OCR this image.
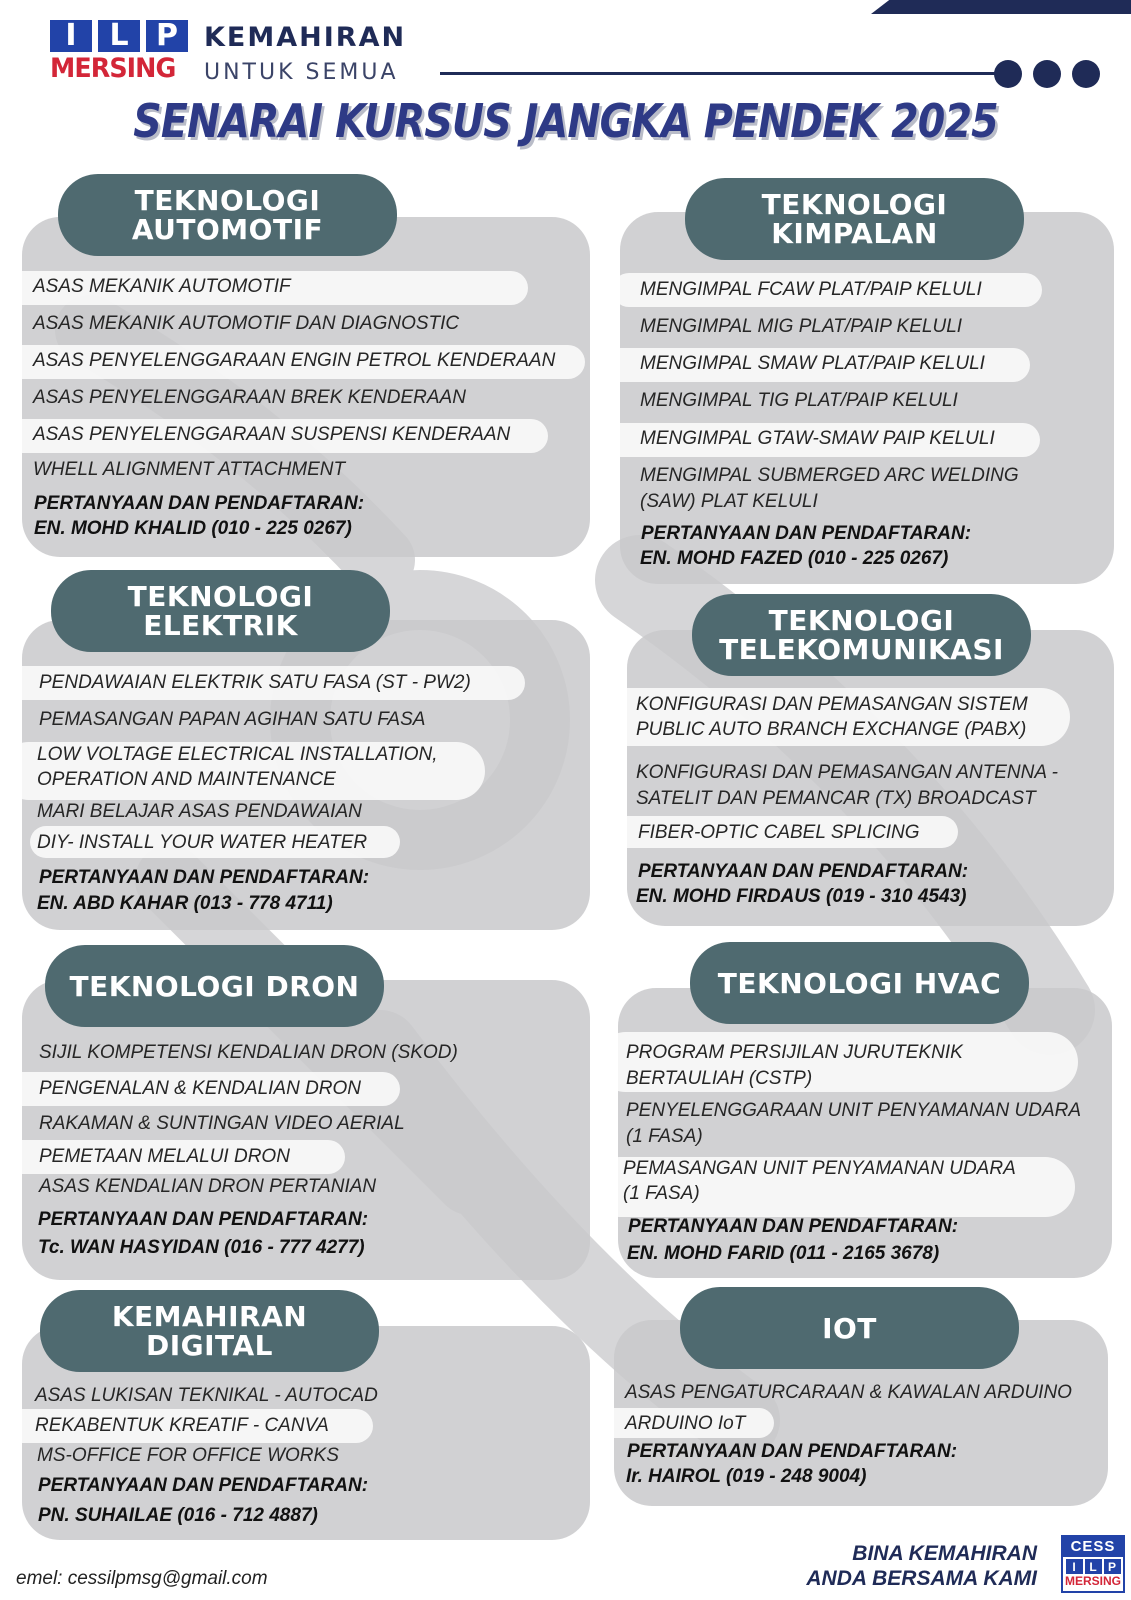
I	L P
MERSING
KEMAHIRAN
UNTUK SEMUA
SENARAI KURSUS JANGKA PENDEK 2025
TEKNOLOGI
AUTOMOTIF
ASAS MEKANIK AUTOMOTIF
ASAS MEKANIK AUTOMOTIF DAN DIAGNOSTIC
ASAS PENYELENGGARAAN ENGIN PETROL KENDERAAN
ASAS PENYELENGGARAAN BREK KENDERAAN
ASAS PENYELENGGARAAN SUSPENSI KENDERAAN
WHELL ALIGNMENT ATTACHMENT
PERTANYAAN DAN PENDAFTARAN:
EN. MOHD KHALID (010 - 225 0267)
TEKNOLOGI
KIMPALAN
MENGIMPAL FCAW PLAT/PAIP KELULI
MENGIMPAL MIG PLAT/PAIP KELULI
MENGIMPAL SMAW PLAT/PAIP KELULI
MENGIMPAL TIG PLAT/PAIP KELULI
MENGIMPAL GTAW-SMAW PAIP KELULI
MENGIMPAL SUBMERGED ARC WELDING
(SAW) PLAT KELULI
PERTANYAAN DAN PENDAFTARAN:
EN. MOHD FAZED (010 - 225 0267)
TEKNOLOGI
ELEKTRIK
PENDAWAIAN ELEKTRIK SATU FASA (ST - PW2)
PEMASANGAN PAPAN AGIHAN SATU FASA
LOW VOLTAGE ELECTRICAL INSTALLATION,
OPERATION AND MAINTENANCE
MARI BELAJAR ASAS PENDAWAIAN
DIY- INSTALL YOUR WATER HEATER
PERTANYAAN DAN PENDAFTARAN:
EN. ABD KAHAR (013 - 778 4711)
TEKNOLOGI
TELEKOMUNIKASI
KONFIGURASI DAN PEMASANGAN SISTEM
PUBLIC AUTO BRANCH EXCHANGE (PABX)
KONFIGURASI DAN PEMASANGAN ANTENNA -
SATELIT DAN PEMANCAR (TX) BROADCAST
FIBER-OPTIC CABEL SPLICING
PERTANYAAN DAN PENDAFTARAN:
EN. MOHD FIRDAUS (019 - 310 4543)
TEKNOLOGI DRON
SIJIL KOMPETENSI KENDALIAN DRON (SKOD)
PENGENALAN & KENDALIAN DRON
RAKAMAN & SUNTINGAN VIDEO AERIAL
PEMETAAN MELALUI DRON
ASAS KENDALIAN DRON PERTANIAN
PERTANYAAN DAN PENDAFTARAN:
Tc. WAN HASYIDAN (016 - 777 4277)
TEKNOLOGI HVAC
PROGRAM PERSIJILAN JURUTEKNIK
BERTAULIAH (CSTP)
PENYELENGGARAAN UNIT PENYAMANAN UDARA
(1 FASA)
PEMASANGAN UNIT PENYAMANAN UDARA
(1 FASA)
PERTANYAAN DAN PENDAFTARAN:
EN. MOHD FARID (011 - 2165 3678)
KEMAHIRAN
DIGITAL
ASAS LUKISAN TEKNIKAL - AUTOCAD
REKABENTUK KREATIF - CANVA
MS-OFFICE FOR OFFICE WORKS
PERTANYAAN DAN PENDAFTARAN:
PN. SUHAILAE (016 - 712 4887)
IOT
ASAS PENGATURCARAAN & KAWALAN ARDUINO
ARDUINO IoT
PERTANYAAN DAN PENDAFTARAN:
Ir. HAIROL (019 - 248 9004)
emel: cessilpmsg@gmail.com
BINA KEMAHIRAN
ANDA BERSAMA KAMI
CESS
I	L P
MERSING
